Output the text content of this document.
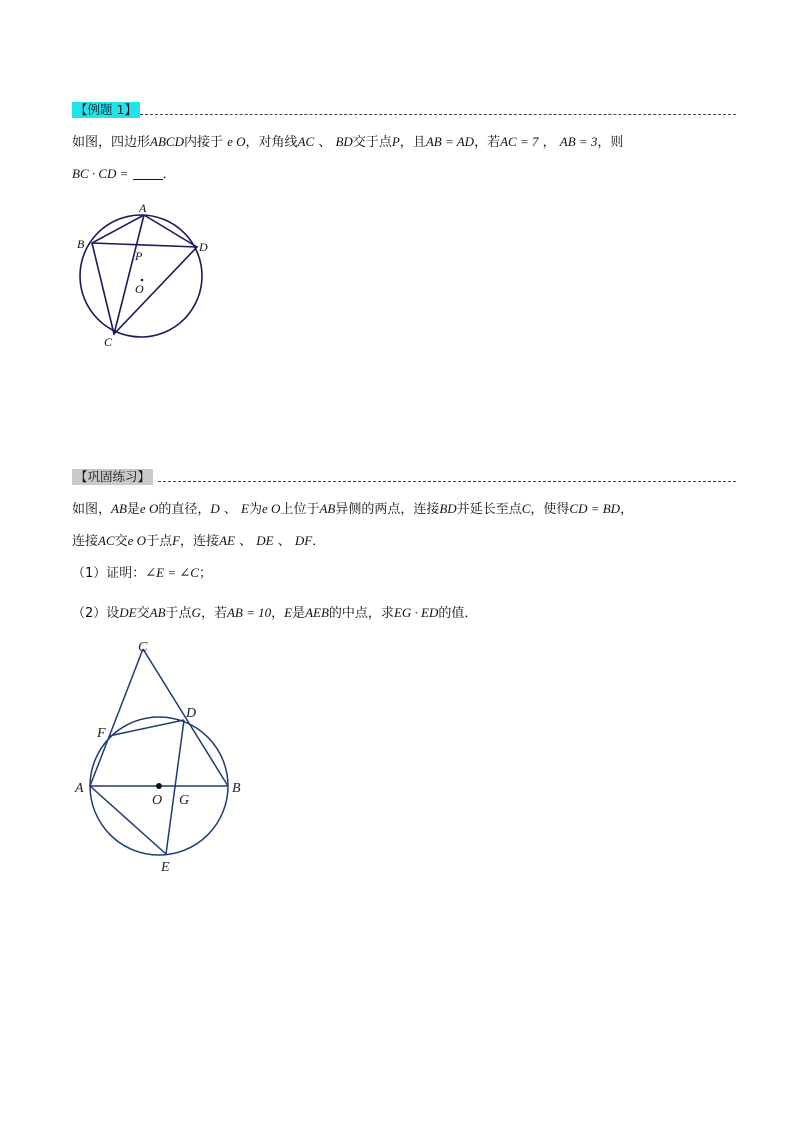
【例题 1】
如图，四边形ABCD内接于 e O，对角线AC 、 BD交于点P，且AB = AD，若AC = 7 ， AB = 3，则
BC · CD =	．
A
B
C
D
P
O
【巩固练习】
如图，AB是e O的直径，D 、 E为e O上位于AB异侧的两点，连接BD并延长至点C，使得CD = BD，
连接AC交e O于点F，连接AE 、 DE 、 DF．
（1）证明：∠E = ∠C；
（2）设DE交AB于点G，若AB = 10，E是AEB的中点，求EG · ED的值．
C
D
F
A	B
O G
E
